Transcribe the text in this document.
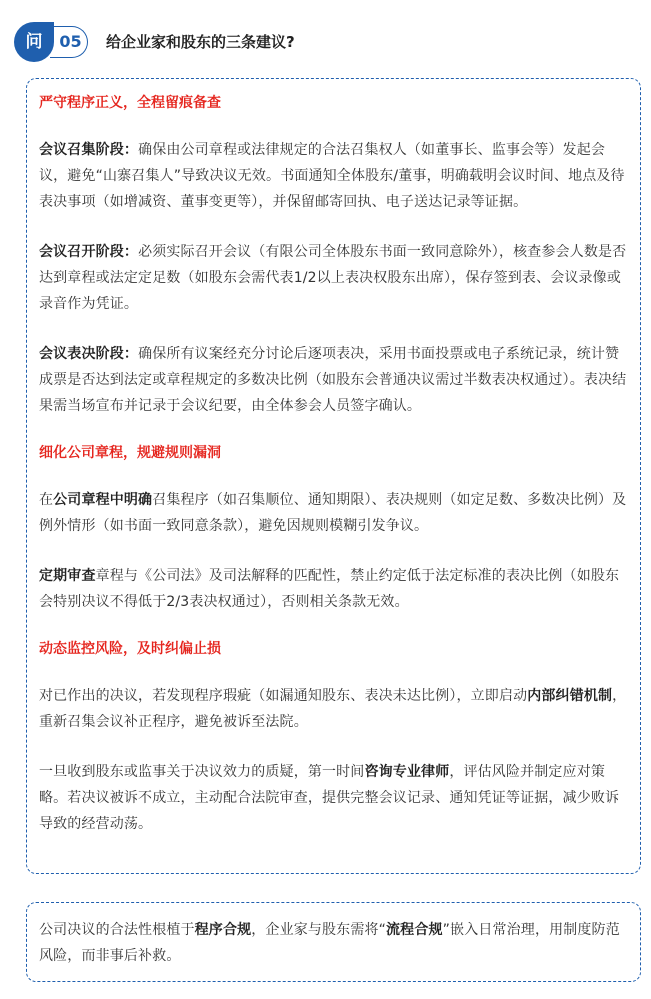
05
问	给企业家和股东的三条建议?
严守程序正义，全程留痕备查

会议召集阶段：确保由公司章程或法律规定的合法召集权人（如董事长、监事会等）发起会议，避免“山寨召集人”导致决议无效。书面通知全体股东/董事，明确载明会议时间、地点及待表决事项（如增减资、董事变更等），并保留邮寄回执、电子送达记录等证据。

会议召开阶段：必须实际召开会议（有限公司全体股东书面一致同意除外），核查参会人数是否达到章程或法定定足数（如股东会需代表1/2以上表决权股东出席），保存签到表、会议录像或录音作为凭证。

会议表决阶段：确保所有议案经充分讨论后逐项表决，采用书面投票或电子系统记录，统计赞成票是否达到法定或章程规定的多数决比例（如股东会普通决议需过半数表决权通过）。表决结果需当场宣布并记录于会议纪要，由全体参会人员签字确认。

细化公司章程，规避规则漏洞

在公司章程中明确召集程序（如召集顺位、通知期限）、表决规则（如定足数、多数决比例）及例外情形（如书面一致同意条款），避免因规则模糊引发争议。

定期审查章程与《公司法》及司法解释的匹配性，禁止约定低于法定标准的表决比例（如股东会特别决议不得低于2/3表决权通过），否则相关条款无效。

动态监控风险，及时纠偏止损

对已作出的决议，若发现程序瑕疵（如漏通知股东、表决未达比例），立即启动内部纠错机制，重新召集会议补正程序，避免被诉至法院。

一旦收到股东或监事关于决议效力的质疑，第一时间咨询专业律师，评估风险并制定应对策略。若决议被诉不成立，主动配合法院审查，提供完整会议记录、通知凭证等证据，减少败诉导致的经营动荡。

公司决议的合法性根植于程序合规，企业家与股东需将“流程合规”嵌入日常治理，用制度防范风险，而非事后补救。
